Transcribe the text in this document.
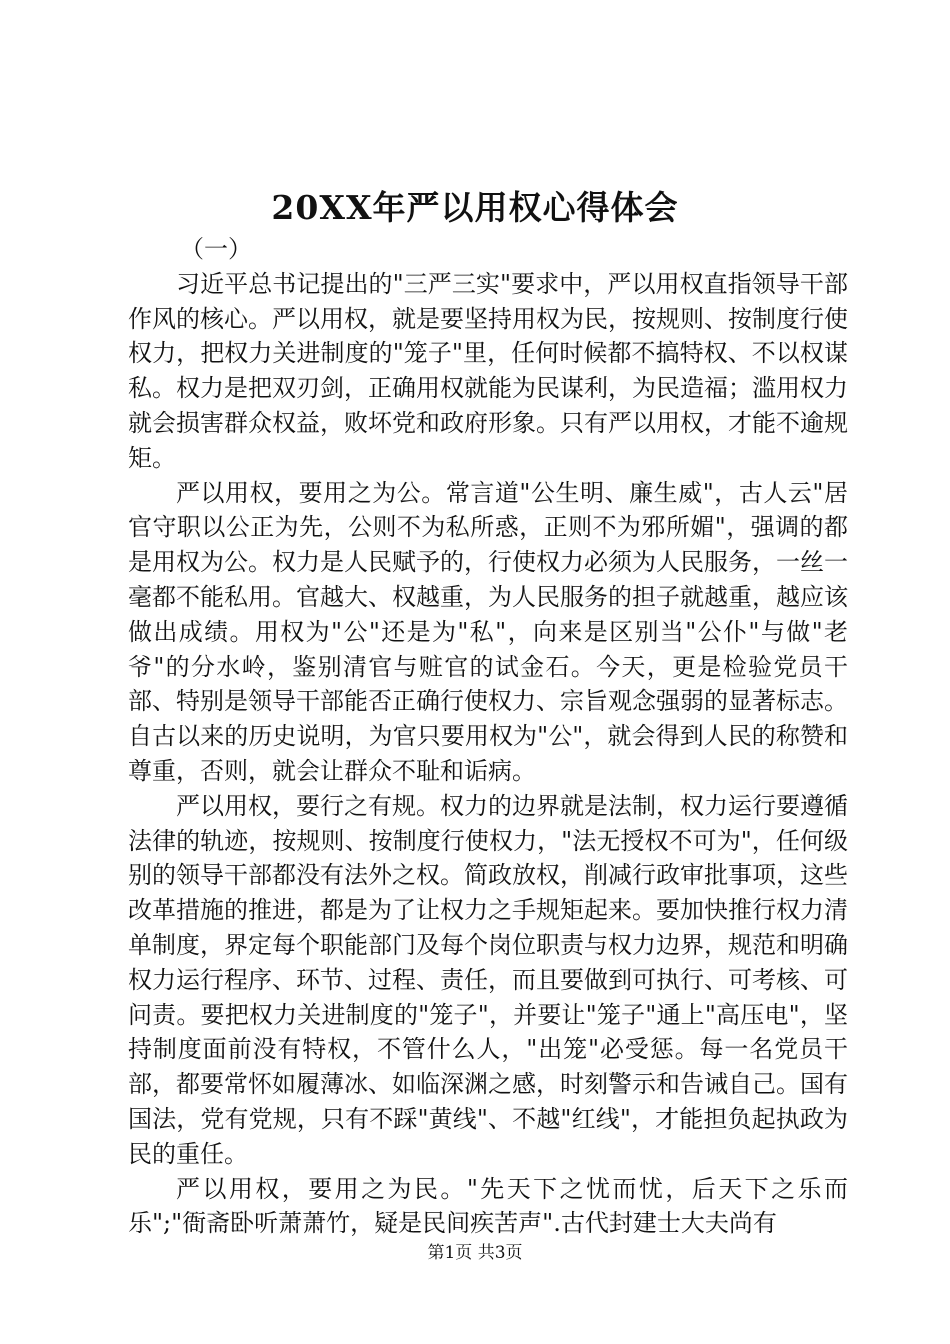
20XX年严以用权心得体会

（一）

习近平总书记提出的"三严三实"要求中，严以用权直指领导干部作风的核心。严以用权，就是要坚持用权为民，按规则、按制度行使权力，把权力关进制度的"笼子"里，任何时候都不搞特权、不以权谋私。权力是把双刃剑，正确用权就能为民谋利，为民造福；滥用权力就会损害群众权益，败坏党和政府形象。只有严以用权，才能不逾规矩。

严以用权，要用之为公。常言道"公生明、廉生威"，古人云"居官守职以公正为先，公则不为私所惑，正则不为邪所媚"，强调的都是用权为公。权力是人民赋予的，行使权力必须为人民服务，一丝一毫都不能私用。官越大、权越重，为人民服务的担子就越重，越应该做出成绩。用权为"公"还是为"私"，向来是区别当"公仆"与做"老爷"的分水岭，鉴别清官与赃官的试金石。今天，更是检验党员干部、特别是领导干部能否正确行使权力、宗旨观念强弱的显著标志。自古以来的历史说明，为官只要用权为"公"，就会得到人民的称赞和尊重，否则，就会让群众不耻和诟病。

严以用权，要行之有规。权力的边界就是法制，权力运行要遵循法律的轨迹，按规则、按制度行使权力，"法无授权不可为"，任何级别的领导干部都没有法外之权。简政放权，削减行政审批事项，这些改革措施的推进，都是为了让权力之手规矩起来。要加快推行权力清单制度，界定每个职能部门及每个岗位职责与权力边界，规范和明确权力运行程序、环节、过程、责任，而且要做到可执行、可考核、可问责。要把权力关进制度的"笼子"，并要让"笼子"通上"高压电"，坚持制度面前没有特权，不管什么人，"出笼"必受惩。每一名党员干部，都要常怀如履薄冰、如临深渊之感，时刻警示和告诫自己。国有国法，党有党规，只有不踩"黄线"、不越"红线"，才能担负起执政为民的重任。

严以用权，要用之为民。"先天下之忧而忧，后天下之乐而乐";"衙斋卧听萧萧竹，疑是民间疾苦声".古代封建士大夫尚有

第1页 共3页
